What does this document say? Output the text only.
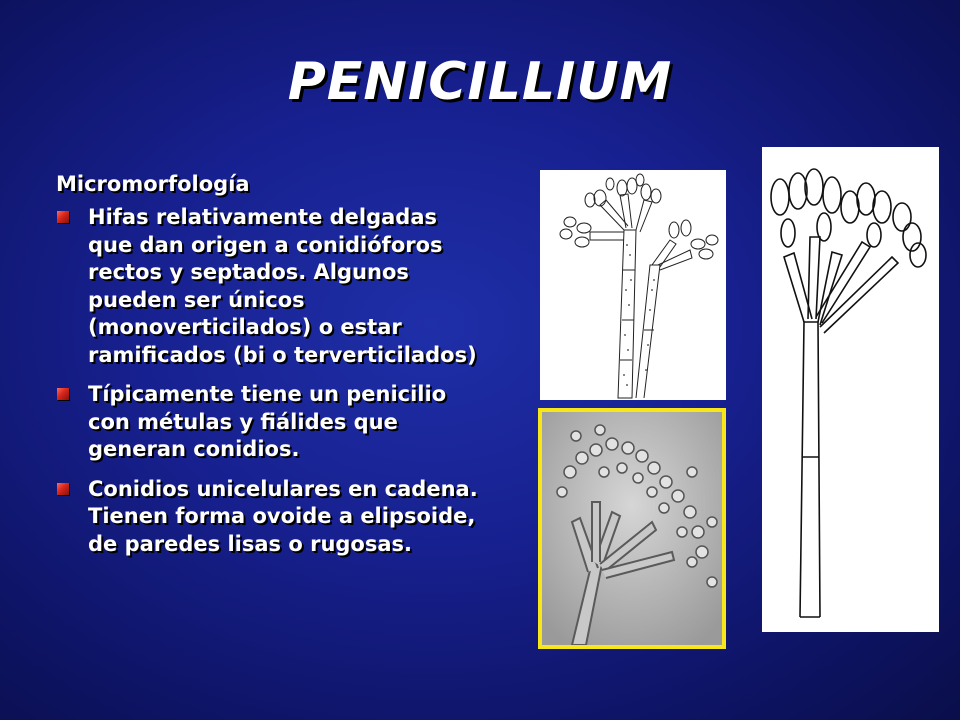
PENICILLIUM
Micromorfología
Hifas relativamente delgadas que dan origen a conidióforos rectos y septados. Algunos pueden ser únicos (monoverticilados) o estar ramificados (bi o terverticilados)
Típicamente tiene un penicilio con métulas y fiálides que generan conidios.
Conidios unicelulares en cadena. Tienen forma ovoide a elipsoide, de paredes lisas o rugosas.
